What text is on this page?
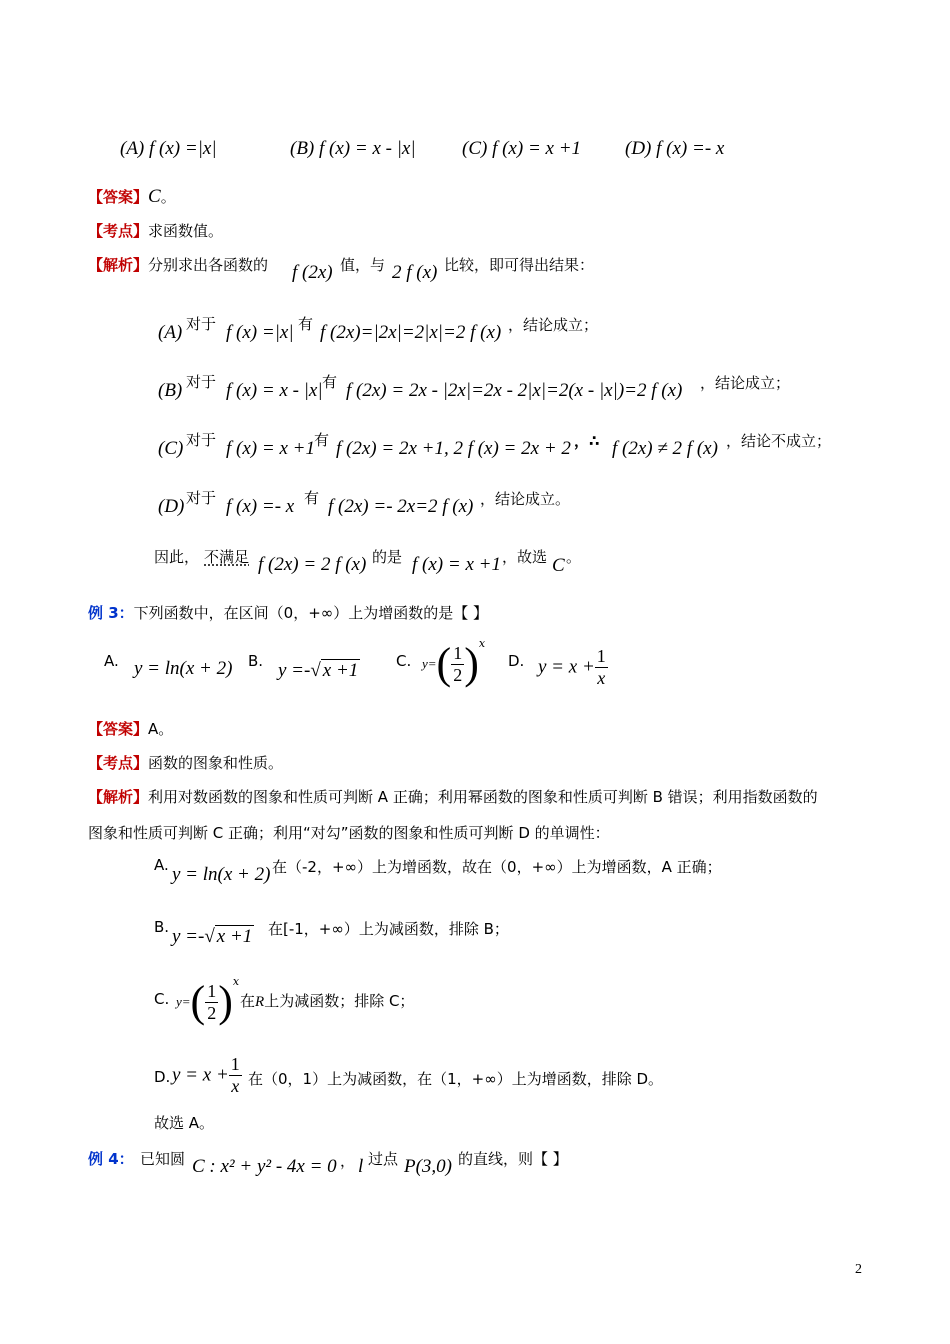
(A) f (x) =|x|	(B) f (x) = x - |x| (C) f (x) = x +1 (D) f (x) =- x
【答案】C。
【考点】求函数值。
【解析】分别求出各函数的 f (2x) 值，与 2 f (x) 比较，即可得出结果：
(A) 对于 f (x) =|x| 有 f (2x)=|2x|=2|x|=2 f (x) ，结论成立；
(B) 对于 f (x) = x - |x| 有 f (2x) = 2x - |2x|=2x - 2|x|=2(x - |x|)=2 f (x) ，结论成立；
(C) 对于 f (x) = x +1 有 f (2x) = 2x +1, 2 f (x) = 2x + 2 ，∴ f (2x) ≠ 2 f (x) ，结论不成立；
(D) 对于 f (x) =- x 有 f (2x) =- 2x=2 f (x) ，结论成立。
因此， 不满足 f (2x) = 2 f (x) 的是 f (x) = x +1 ，故选 C 。
例 3：下列函数中，在区间（0，+∞）上为增函数的是【 】
A. y = ln(x + 2) B. y =-√ x +1	C. $y=( \frac{1}{2} )^x$
D. $y = x + \frac{1}{x}$
【答案】A。
【考点】函数的图象和性质。
【解析】利用对数函数的图象和性质可判断 A 正确；利用幂函数的图象和性质可判断 B 错误；利用指数函数的
图象和性质可判断 C 正确；利用“对勾”函数的图象和性质可判断 D 的单调性：
A. y = ln(x + 2) 在（-2，+∞）上为增函数，故在（0，+∞）上为增函数，A 正确；
B. y =-√ x +1 在[-1，+∞）上为减函数，排除 B；
C. $y=( \frac{1}{2} )^x$
在R上为减函数；排除 C；
D. $y = x + \frac{1}{x}$ 在（0，1）上为减函数，在（1，+∞）上为增函数，排除 D。
故选 A。
例 4： 已知圆 C : x² + y² - 4x = 0 ， l 过点 P(3,0) 的直线，则【 】
2
